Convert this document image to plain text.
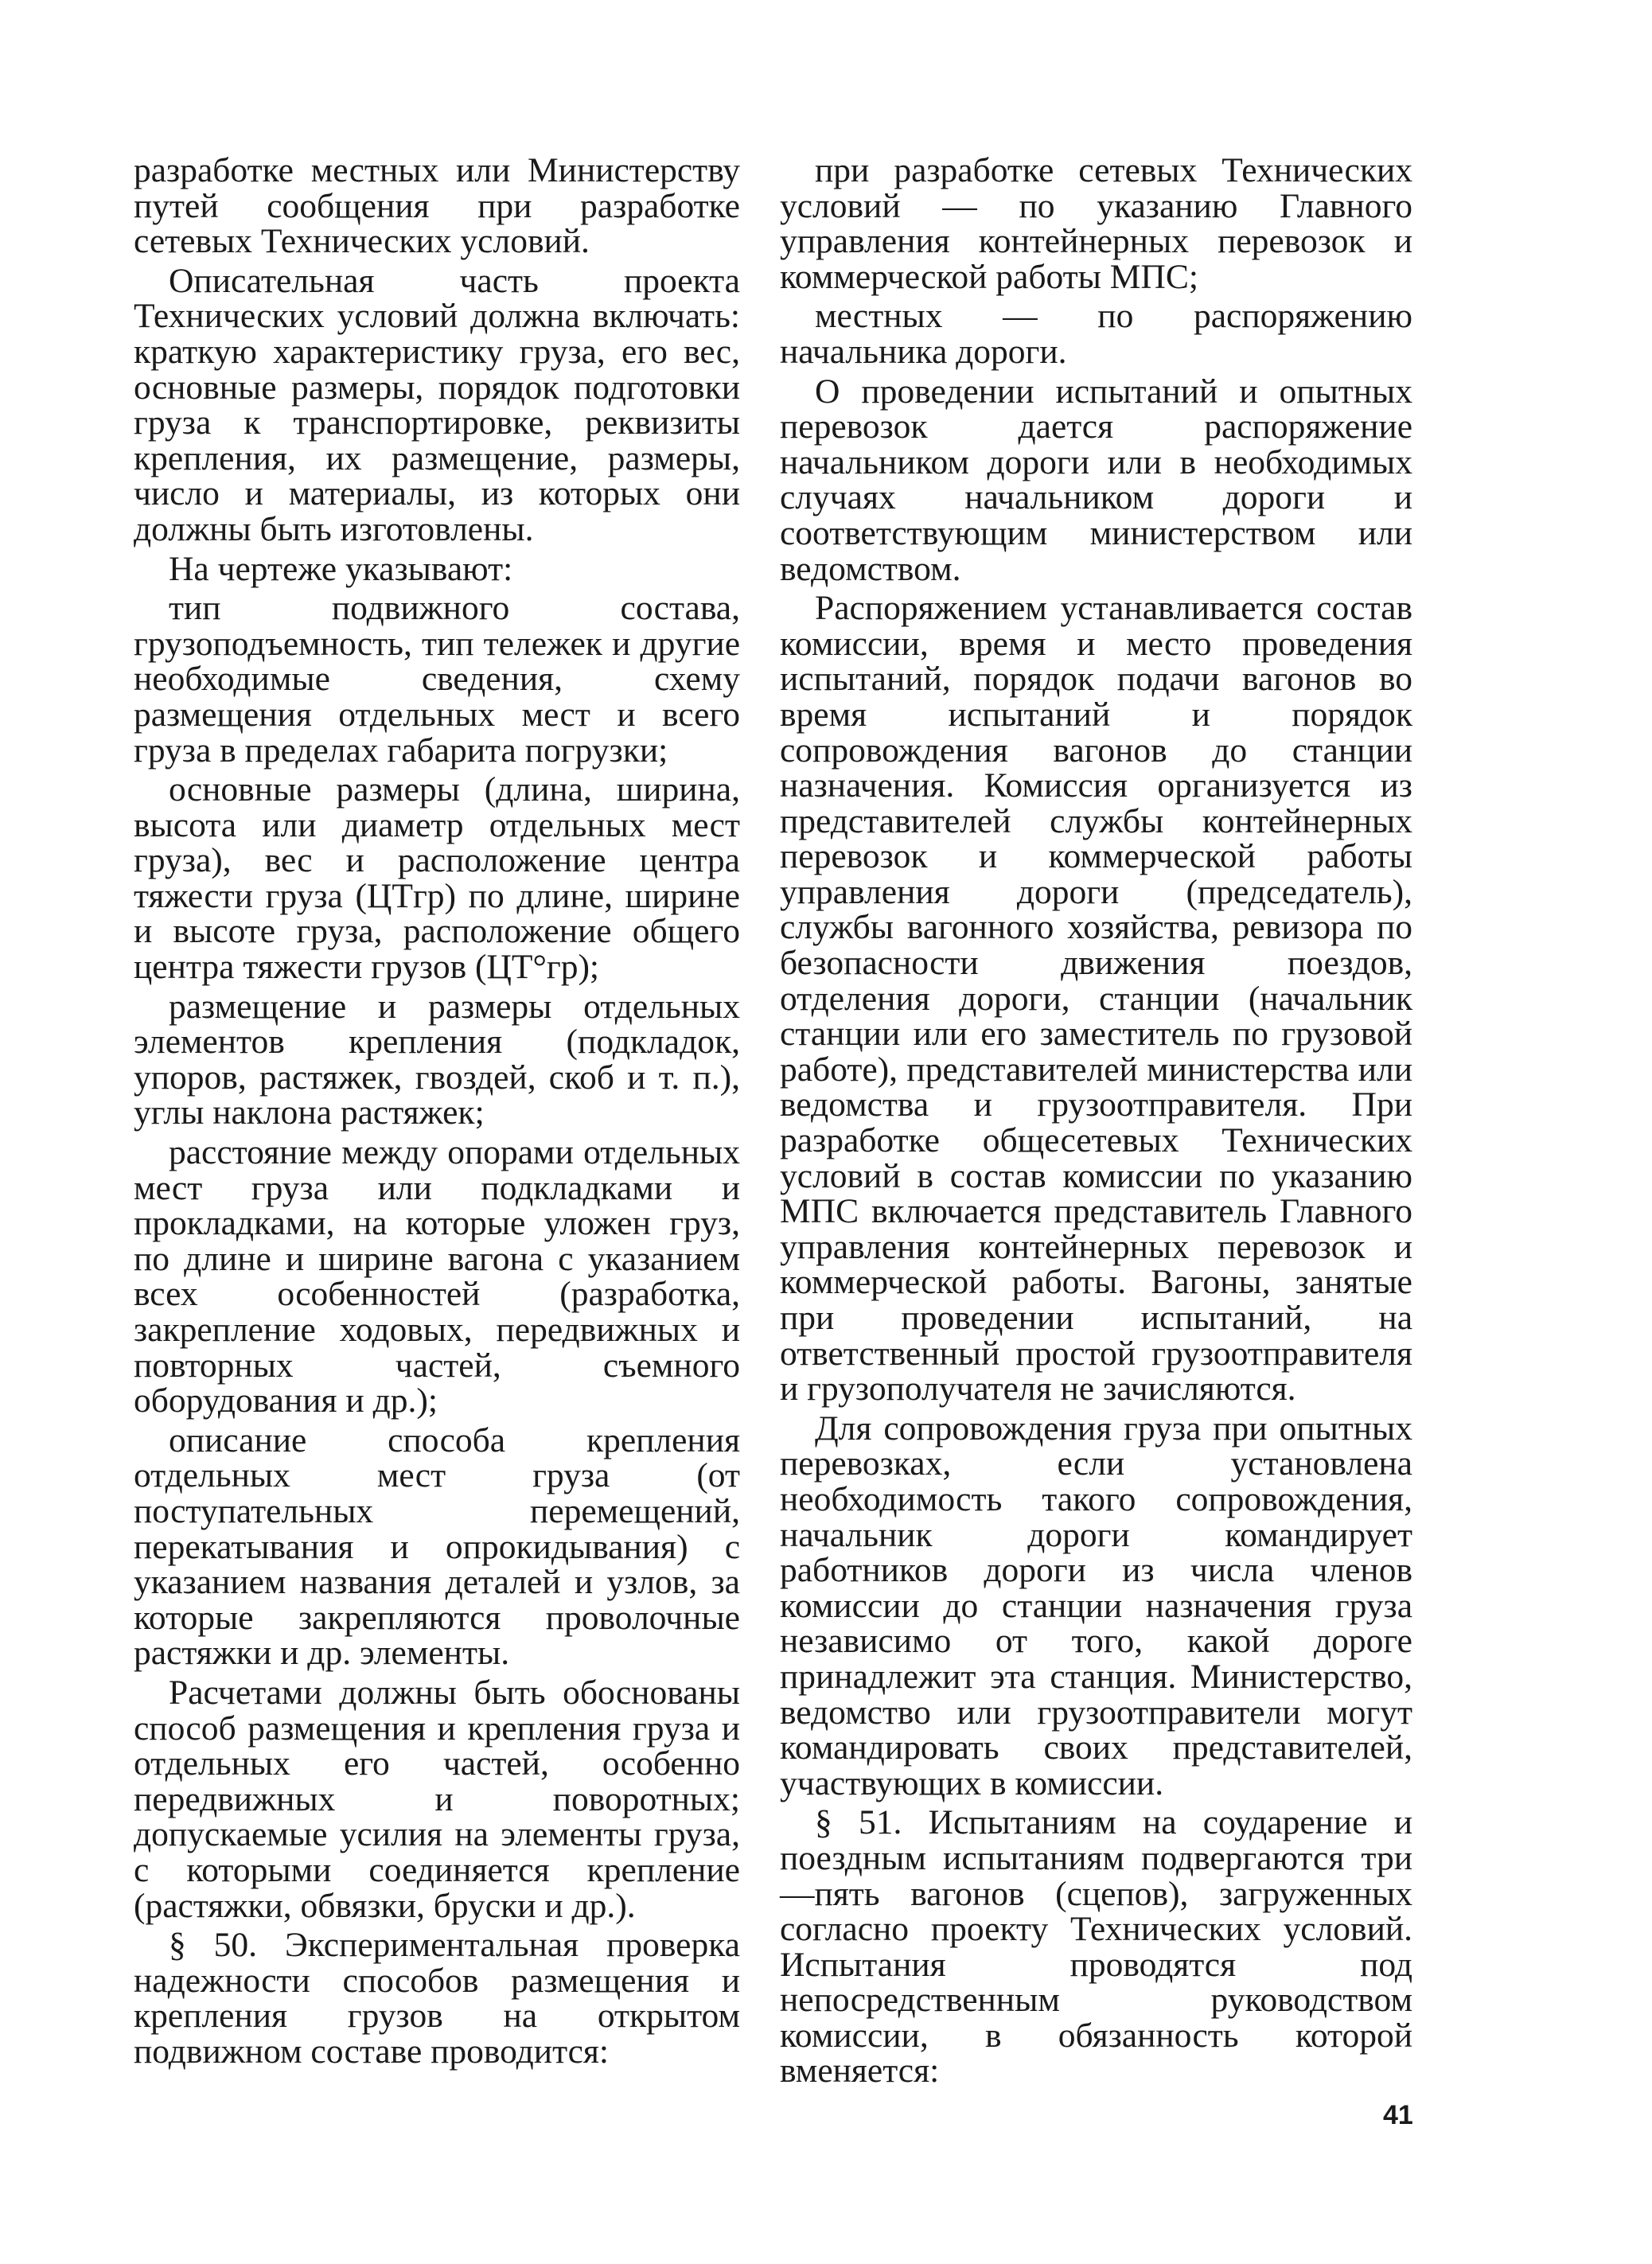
разработке местных или Министерству путей сообщения при разработке сетевых Технических условий.

Описательная часть проекта Технических условий должна включать: краткую характеристику груза, его вес, основные размеры, порядок подготовки груза к транспортировке, реквизиты крепления, их размещение, размеры, число и материалы, из которых они должны быть изготовлены.

На чертеже указывают:

тип подвижного состава, грузоподъемность, тип тележек и другие необходимые сведения, схему размещения отдельных мест и всего груза в пределах габарита погрузки;

основные размеры (длина, ширина, высота или диаметр отдельных мест груза), вес и расположение центра тяжести груза (ЦТгр) по длине, ширине и высоте груза, расположение общего центра тяжести грузов (ЦТ°гр);

размещение и размеры отдельных элементов крепления (подкладок, упоров, растяжек, гвоздей, скоб и т. п.), углы наклона растяжек;

расстояние между опорами отдельных мест груза или подкладками и прокладками, на которые уложен груз, по длине и ширине вагона с указанием всех особенностей (разработка, закрепление ходовых, передвижных и повторных частей, съемного оборудования и др.);

описание способа крепления отдельных мест груза (от поступательных перемещений, перекатывания и опрокидывания) с указанием названия деталей и узлов, за которые закрепляются проволочные растяжки и др. элементы.

Расчетами должны быть обоснованы способ размещения и крепления груза и отдельных его частей, особенно передвижных и поворотных; допускаемые усилия на элементы груза, с которыми соединяется крепление (растяжки, обвязки, бруски и др.).

§ 50. Экспериментальная проверка надежности способов размещения и крепления грузов на открытом подвижном составе проводится:

при разработке сетевых Технических условий — по указанию Главного управления контейнерных перевозок и коммерческой работы МПС;

местных — по распоряжению начальника дороги.

О проведении испытаний и опытных перевозок дается распоряжение начальником дороги или в необходимых случаях начальником дороги и соответствующим министерством или ведомством.

Распоряжением устанавливается состав комиссии, время и место проведения испытаний, порядок подачи вагонов во время испытаний и порядок сопровождения вагонов до станции назначения. Комиссия организуется из представителей службы контейнерных перевозок и коммерческой работы управления дороги (председатель), службы вагонного хозяйства, ревизора по безопасности движения поездов, отделения дороги, станции (начальник станции или его заместитель по грузовой работе), представителей министерства или ведомства и грузоотправителя. При разработке общесетевых Технических условий в состав комиссии по указанию МПС включается представитель Главного управления контейнерных перевозок и коммерческой работы. Вагоны, занятые при проведении испытаний, на ответственный простой грузоотправителя и грузополучателя не зачисляются.

Для сопровождения груза при опытных перевозках, если установлена необходимость такого сопровождения, начальник дороги командирует работников дороги из числа членов комиссии до станции назначения груза независимо от того, какой дороге принадлежит эта станция. Министерство, ведомство или грузоотправители могут командировать своих представителей, участвующих в комиссии.

§ 51. Испытаниям на соударение и поездным испытаниям подвергаются три—пять вагонов (сцепов), загруженных согласно проекту Технических условий. Испытания проводятся под непосредственным руководством комиссии, в обязанность которой вменяется:

41
